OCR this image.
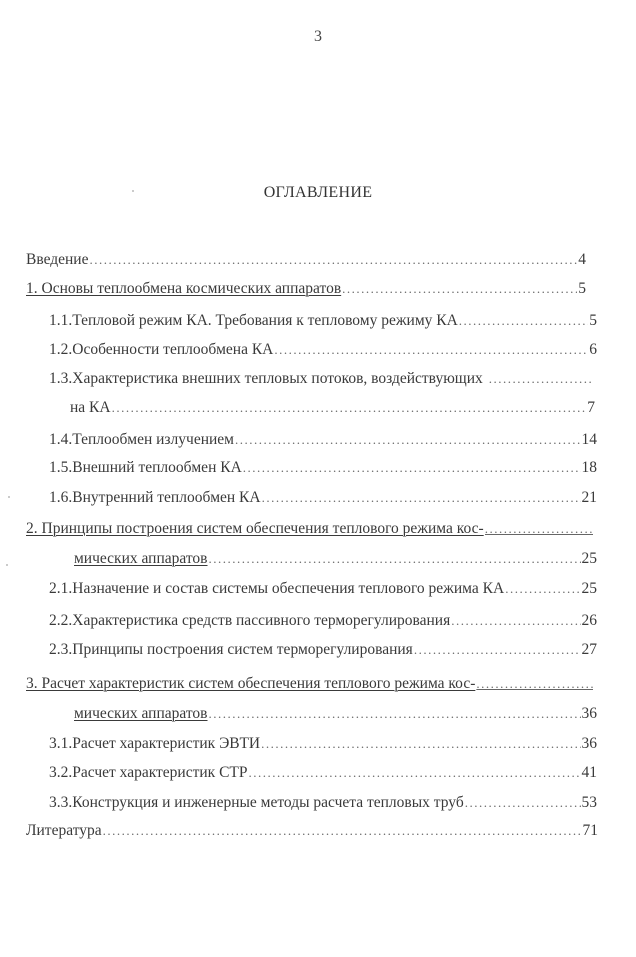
3
ОГЛАВЛЕНИЕ
Введение .....	4
1. Основы теплообмена космических аппаратов .....	5
1.1.Тепловой режим КА. Требования к тепловому режиму КА .....	5
1.2.Особенности теплообмена КА .....	6
1.3.Характеристика внешних тепловых потоков, воздействующих
.....
на КА .....	7
1.4.Теплообмен излучением .....	14
1.5.Внешний теплообмен КА .....	18
1.6.Внутренний теплообмен КА .....	21
2. Принципы построения систем обеспечения теплового режима кос-
.....
мических аппаратов .....	25
2.1.Назначение и состав системы обеспечения теплового режима КА .....	25
2.2.Характеристика средств пассивного терморегулирования .....	26
2.3.Принципы построения систем терморегулирования .....	27
3. Расчет характеристик систем обеспечения теплового режима кос-
.....
мических аппаратов .....	36
3.1.Расчет характеристик ЭВТИ .....	36
3.2.Расчет характеристик СТР .....	41
3.3.Конструкция и инженерные методы расчета тепловых труб .....	53
Литература .....	71
